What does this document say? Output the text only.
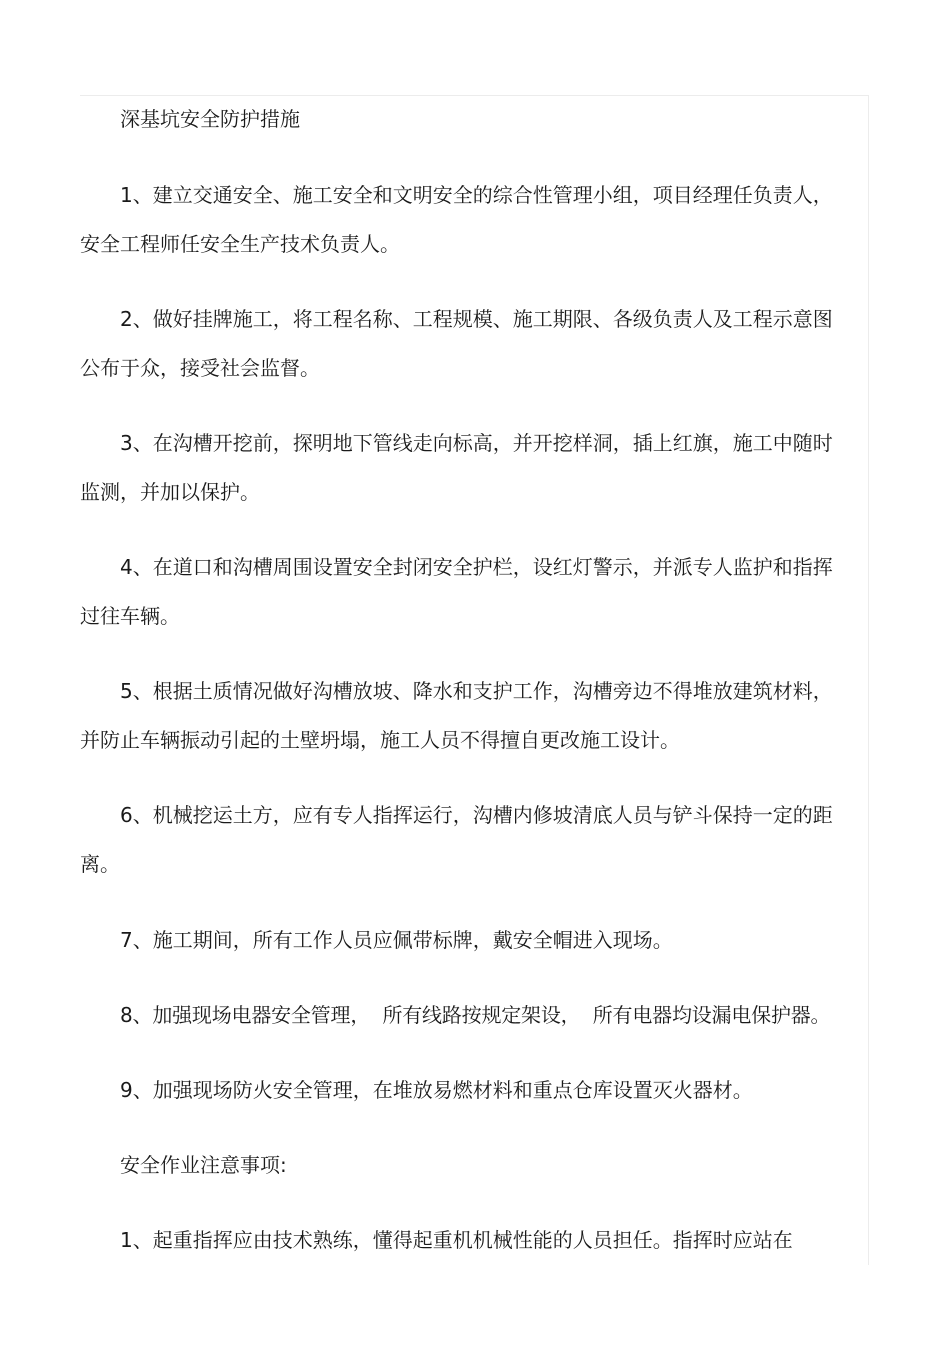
深基坑安全防护措施

1、建立交通安全、施工安全和文明安全的综合性管理小组，项目经理任负责人，安全工程师任安全生产技术负责人。

2、做好挂牌施工，将工程名称、工程规模、施工期限、各级负责人及工程示意图公布于众，接受社会监督。

3、在沟槽开挖前，探明地下管线走向标高，并开挖样洞，插上红旗，施工中随时监测，并加以保护。

4、在道口和沟槽周围设置安全封闭安全护栏，设红灯警示，并派专人监护和指挥过往车辆。

5、根据土质情况做好沟槽放坡、降水和支护工作，沟槽旁边不得堆放建筑材料，并防止车辆振动引起的土壁坍塌，施工人员不得擅自更改施工设计。

6、机械挖运土方，应有专人指挥运行，沟槽内修坡清底人员与铲斗保持一定的距离。

7、施工期间，所有工作人员应佩带标牌，戴安全帽进入现场。

8、加强现场电器安全管理，  所有线路按规定架设，  所有电器均设漏电保护器。

9、加强现场防火安全管理，在堆放易燃材料和重点仓库设置灭火器材。

安全作业注意事项:

1、起重指挥应由技术熟练，懂得起重机机械性能的人员担任。指挥时应站在
